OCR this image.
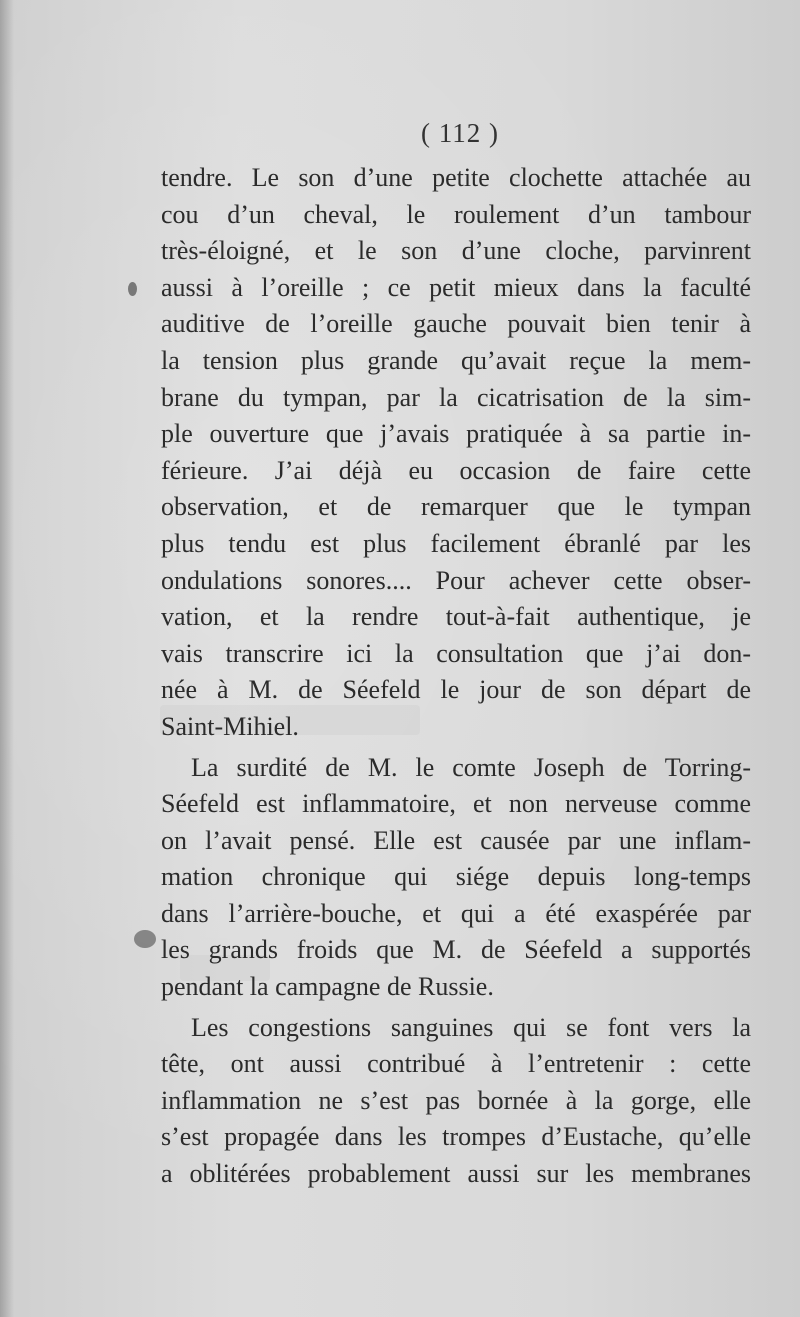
( 112 )
tendre. Le son d’une petite clochette attachée au
cou d’un cheval, le roulement d’un tambour
très-éloigné, et le son d’une cloche, parvinrent
aussi à l’oreille ; ce petit mieux dans la faculté
auditive de l’oreille gauche pouvait bien tenir à
la tension plus grande qu’avait reçue la mem-
brane du tympan, par la cicatrisation de la sim-
ple ouverture que j’avais pratiquée à sa partie in-
férieure. J’ai déjà eu occasion de faire cette
observation, et de remarquer que le tympan
plus tendu est plus facilement ébranlé par les
ondulations sonores.... Pour achever cette obser-
vation, et la rendre tout-à-fait authentique, je
vais transcrire ici la consultation que j’ai don-
née à M. de Séefeld le jour de son départ de
Saint-Mihiel.
La surdité de M. le comte Joseph de Torring-
Séefeld est inflammatoire, et non nerveuse comme
on l’avait pensé. Elle est causée par une inflam-
mation chronique qui siége depuis long-temps
dans l’arrière-bouche, et qui a été exaspérée par
les grands froids que M. de Séefeld a supportés
pendant la campagne de Russie.
Les congestions sanguines qui se font vers la
tête, ont aussi contribué à l’entretenir : cette
inflammation ne s’est pas bornée à la gorge, elle
s’est propagée dans les trompes d’Eustache, qu’elle
a oblitérées probablement aussi sur les membranes
